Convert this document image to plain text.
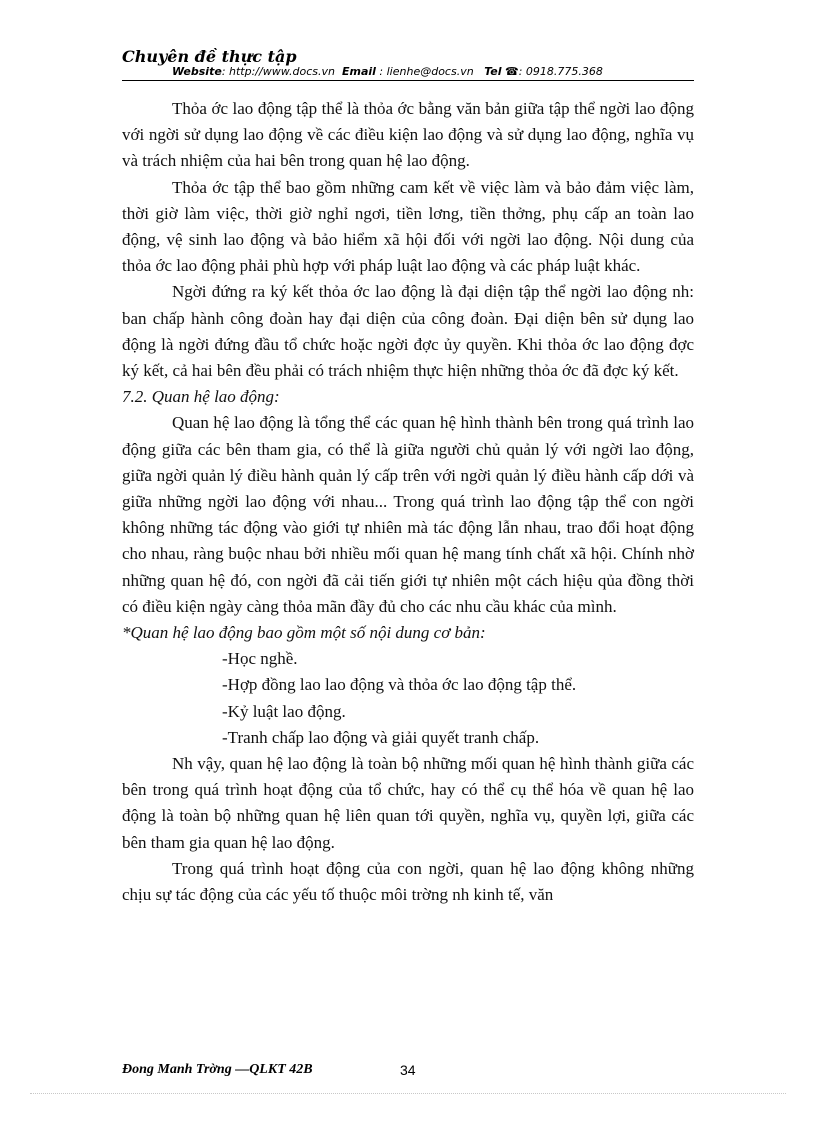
Chuyên đề thực tập
Website: http://www.docs.vn Email : lienhe@docs.vn Tel ☎: 0918.775.368

Thỏa ớc lao động tập thể là thỏa ớc bằng văn bản giữa tập thể ngời lao động với ngời sử dụng lao động về các điều kiện lao động và sử dụng lao động, nghĩa vụ và trách nhiệm của hai bên trong quan hệ lao động.

Thỏa ớc tập thể bao gồm những cam kết về việc làm và bảo đảm việc làm, thời giờ làm việc, thời giờ nghỉ ngơi, tiền lơng, tiền thởng, phụ cấp an toàn lao động, vệ sinh lao động và bảo hiểm xã hội đối với ngời lao động. Nội dung của thỏa ớc lao động phải phù hợp với pháp luật lao động và các pháp luật khác.

Ngời đứng ra ký kết thỏa ớc lao động là đại diện tập thể ngời lao động nh: ban chấp hành công đoàn hay đại diện của công đoàn. Đại diện bên sử dụng lao động là ngời đứng đầu tổ chức hoặc ngời đợc ủy quyền. Khi thỏa ớc lao động đợc ký kết, cả hai bên đều phải có trách nhiệm thực hiện những thỏa ớc đã đợc ký kết.

7.2. Quan hệ lao động:

Quan hệ lao động là tổng thể các quan hệ hình thành bên trong quá trình lao động giữa các bên tham gia, có thể là giữa người chủ quản lý với ngời lao động, giữa ngời quản lý điều hành quản lý cấp trên với ngời quản lý điều hành cấp dới và giữa những ngời lao động với nhau... Trong quá trình lao động tập thể con ngời không những tác động vào giới tự nhiên mà tác động lẫn nhau, trao đổi hoạt động cho nhau, ràng buộc nhau bởi nhiều mối quan hệ mang tính chất xã hội. Chính nhờ những quan hệ đó, con ngời đã cải tiến giới tự nhiên một cách hiệu qủa đồng thời có điều kiện ngày càng thỏa mãn đầy đủ cho các nhu cầu khác của mình.

*Quan hệ lao động bao gồm một số nội dung cơ bản:

-Học nghề.

-Hợp đồng lao lao động và thỏa ớc lao động tập thể.

-Kỷ luật lao động.

-Tranh chấp lao động và giải quyết tranh chấp.

Nh vậy, quan hệ lao động là toàn bộ những mối quan hệ hình thành giữa các bên trong quá trình hoạt động của tổ chức, hay có thể cụ thể hóa về quan hệ lao động là toàn bộ những quan hệ liên quan tới quyền, nghĩa vụ, quyền lợi, giữa các bên tham gia quan hệ lao động.

Trong quá trình hoạt động của con ngời, quan hệ lao động không những chịu sự tác động của các yếu tố thuộc môi trờng nh kinh tế, văn

Đong Manh Trờng —QLKT 42B	34
